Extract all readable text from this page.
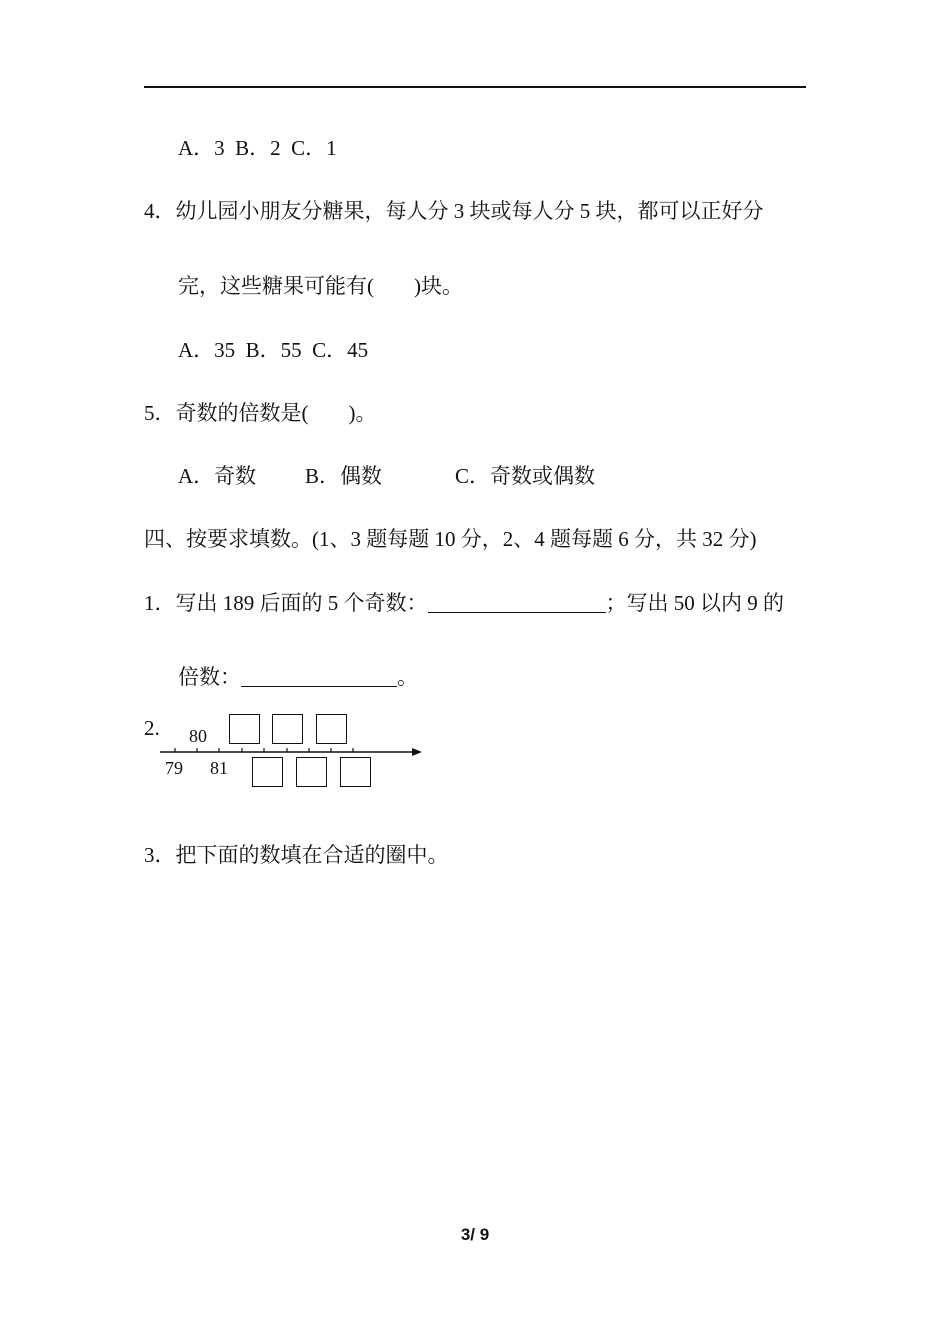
A．3  B．2  C．1
4．幼儿园小朋友分糖果，每人分 3 块或每人分 5 块，都可以正好分
完，这些糖果可能有( )块。
A．35  B．55  C．45
5．奇数的倍数是( )。
A．奇数 B．偶数	C．奇数或偶数
四、按要求填数。(1、3 题每题 10 分，2、4 题每题 6 分，共 32 分)
1．写出 189 后面的 5 个奇数：	；写出 50 以内 9 的
倍数：	。
2. 80
79 81
3．把下面的数填在合适的圈中。
3/ 9
